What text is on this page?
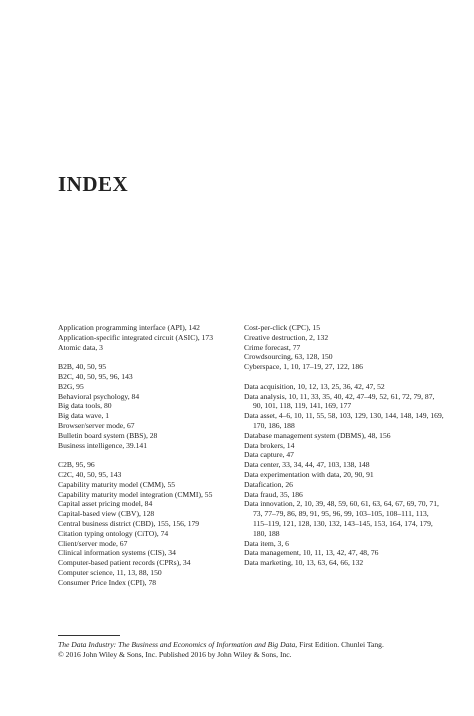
INDEX
Application programming interface (API), 142
Application-specific integrated circuit (ASIC), 173
Atomic data, 3
B2B, 40, 50, 95
B2C, 40, 50, 95, 96, 143
B2G, 95
Behavioral psychology, 84
Big data tools, 80
Big data wave, 1
Browser/server mode, 67
Bulletin board system (BBS), 28
Business intelligence, 39.141
C2B, 95, 96
C2C, 40, 50, 95, 143
Capability maturity model (CMM), 55
Capability maturity model integration (CMMI), 55
Capital asset pricing model, 84
Capital-based view (CBV), 128
Central business district (CBD), 155, 156, 179
Citation typing ontology (CiTO), 74
Client/server mode, 67
Clinical information systems (CIS), 34
Computer-based patient records (CPRs), 34
Computer science, 11, 13, 88, 150
Consumer Price Index (CPI), 78
Cost-per-click (CPC), 15
Creative destruction, 2, 132
Crime forecast, 77
Crowdsourcing, 63, 128, 150
Cyberspace, 1, 10, 17–19, 27, 122, 186
Data acquisition, 10, 12, 13, 25, 36, 42, 47, 52
Data analysis, 10, 11, 33, 35, 40, 42, 47–49, 52, 61, 72, 79, 87, 90, 101, 118, 119, 141, 169, 177
Data asset, 4–6, 10, 11, 55, 58, 103, 129, 130, 144, 148, 149, 169, 170, 186, 188
Database management system (DBMS), 48, 156
Data brokers, 14
Data capture, 47
Data center, 33, 34, 44, 47, 103, 138, 148
Data experimentation with data, 20, 90, 91
Datafication, 26
Data fraud, 35, 186
Data innovation, 2, 10, 39, 48, 59, 60, 61, 63, 64, 67, 69, 70, 71, 73, 77–79, 86, 89, 91, 95, 96, 99, 103–105, 108–111, 113, 115–119, 121, 128, 130, 132, 143–145, 153, 164, 174, 179, 180, 188
Data item, 3, 6
Data management, 10, 11, 13, 42, 47, 48, 76
Data marketing, 10, 13, 63, 64, 66, 132
The Data Industry: The Business and Economics of Information and Big Data, First Edition. Chunlei Tang.
© 2016 John Wiley & Sons, Inc. Published 2016 by John Wiley & Sons, Inc.
